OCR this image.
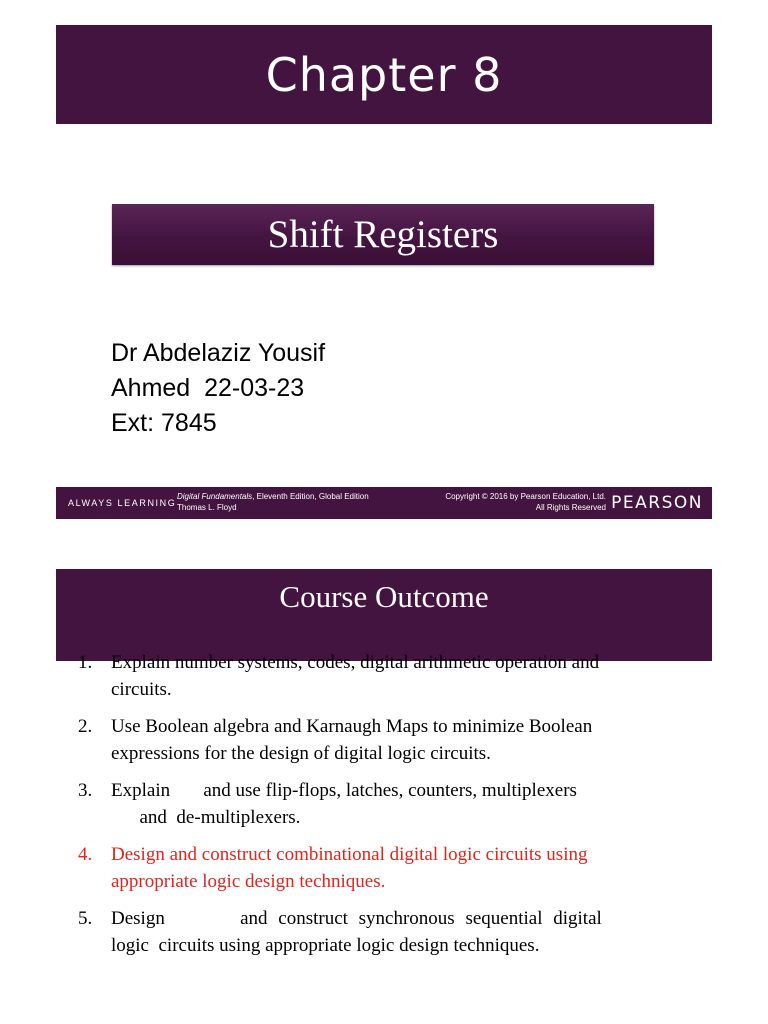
Chapter 8
Shift Registers
Dr Abdelaziz Yousif
Ahmed  22-03-23
Ext: 7845
ALWAYS LEARNING
Digital Fundamentals, Eleventh Edition, Global Edition
Thomas L. Floyd
Copyright © 2016 by Pearson Education, Ltd.
All Rights Reserved PEARSON
Course Outcome
1. Explain number systems, codes, digital arithmetic operation and
circuits.
2. Use Boolean algebra and Karnaugh Maps to minimize Boolean
expressions for the design of digital logic circuits.
3. Explain       and use flip-flops, latches, counters, multiplexers
and  de-multiplexers.
4. Design and construct combinational digital logic circuits using
appropriate logic design techniques.
5. Design       and construct synchronous sequential digital
logic  circuits using appropriate logic design techniques.
